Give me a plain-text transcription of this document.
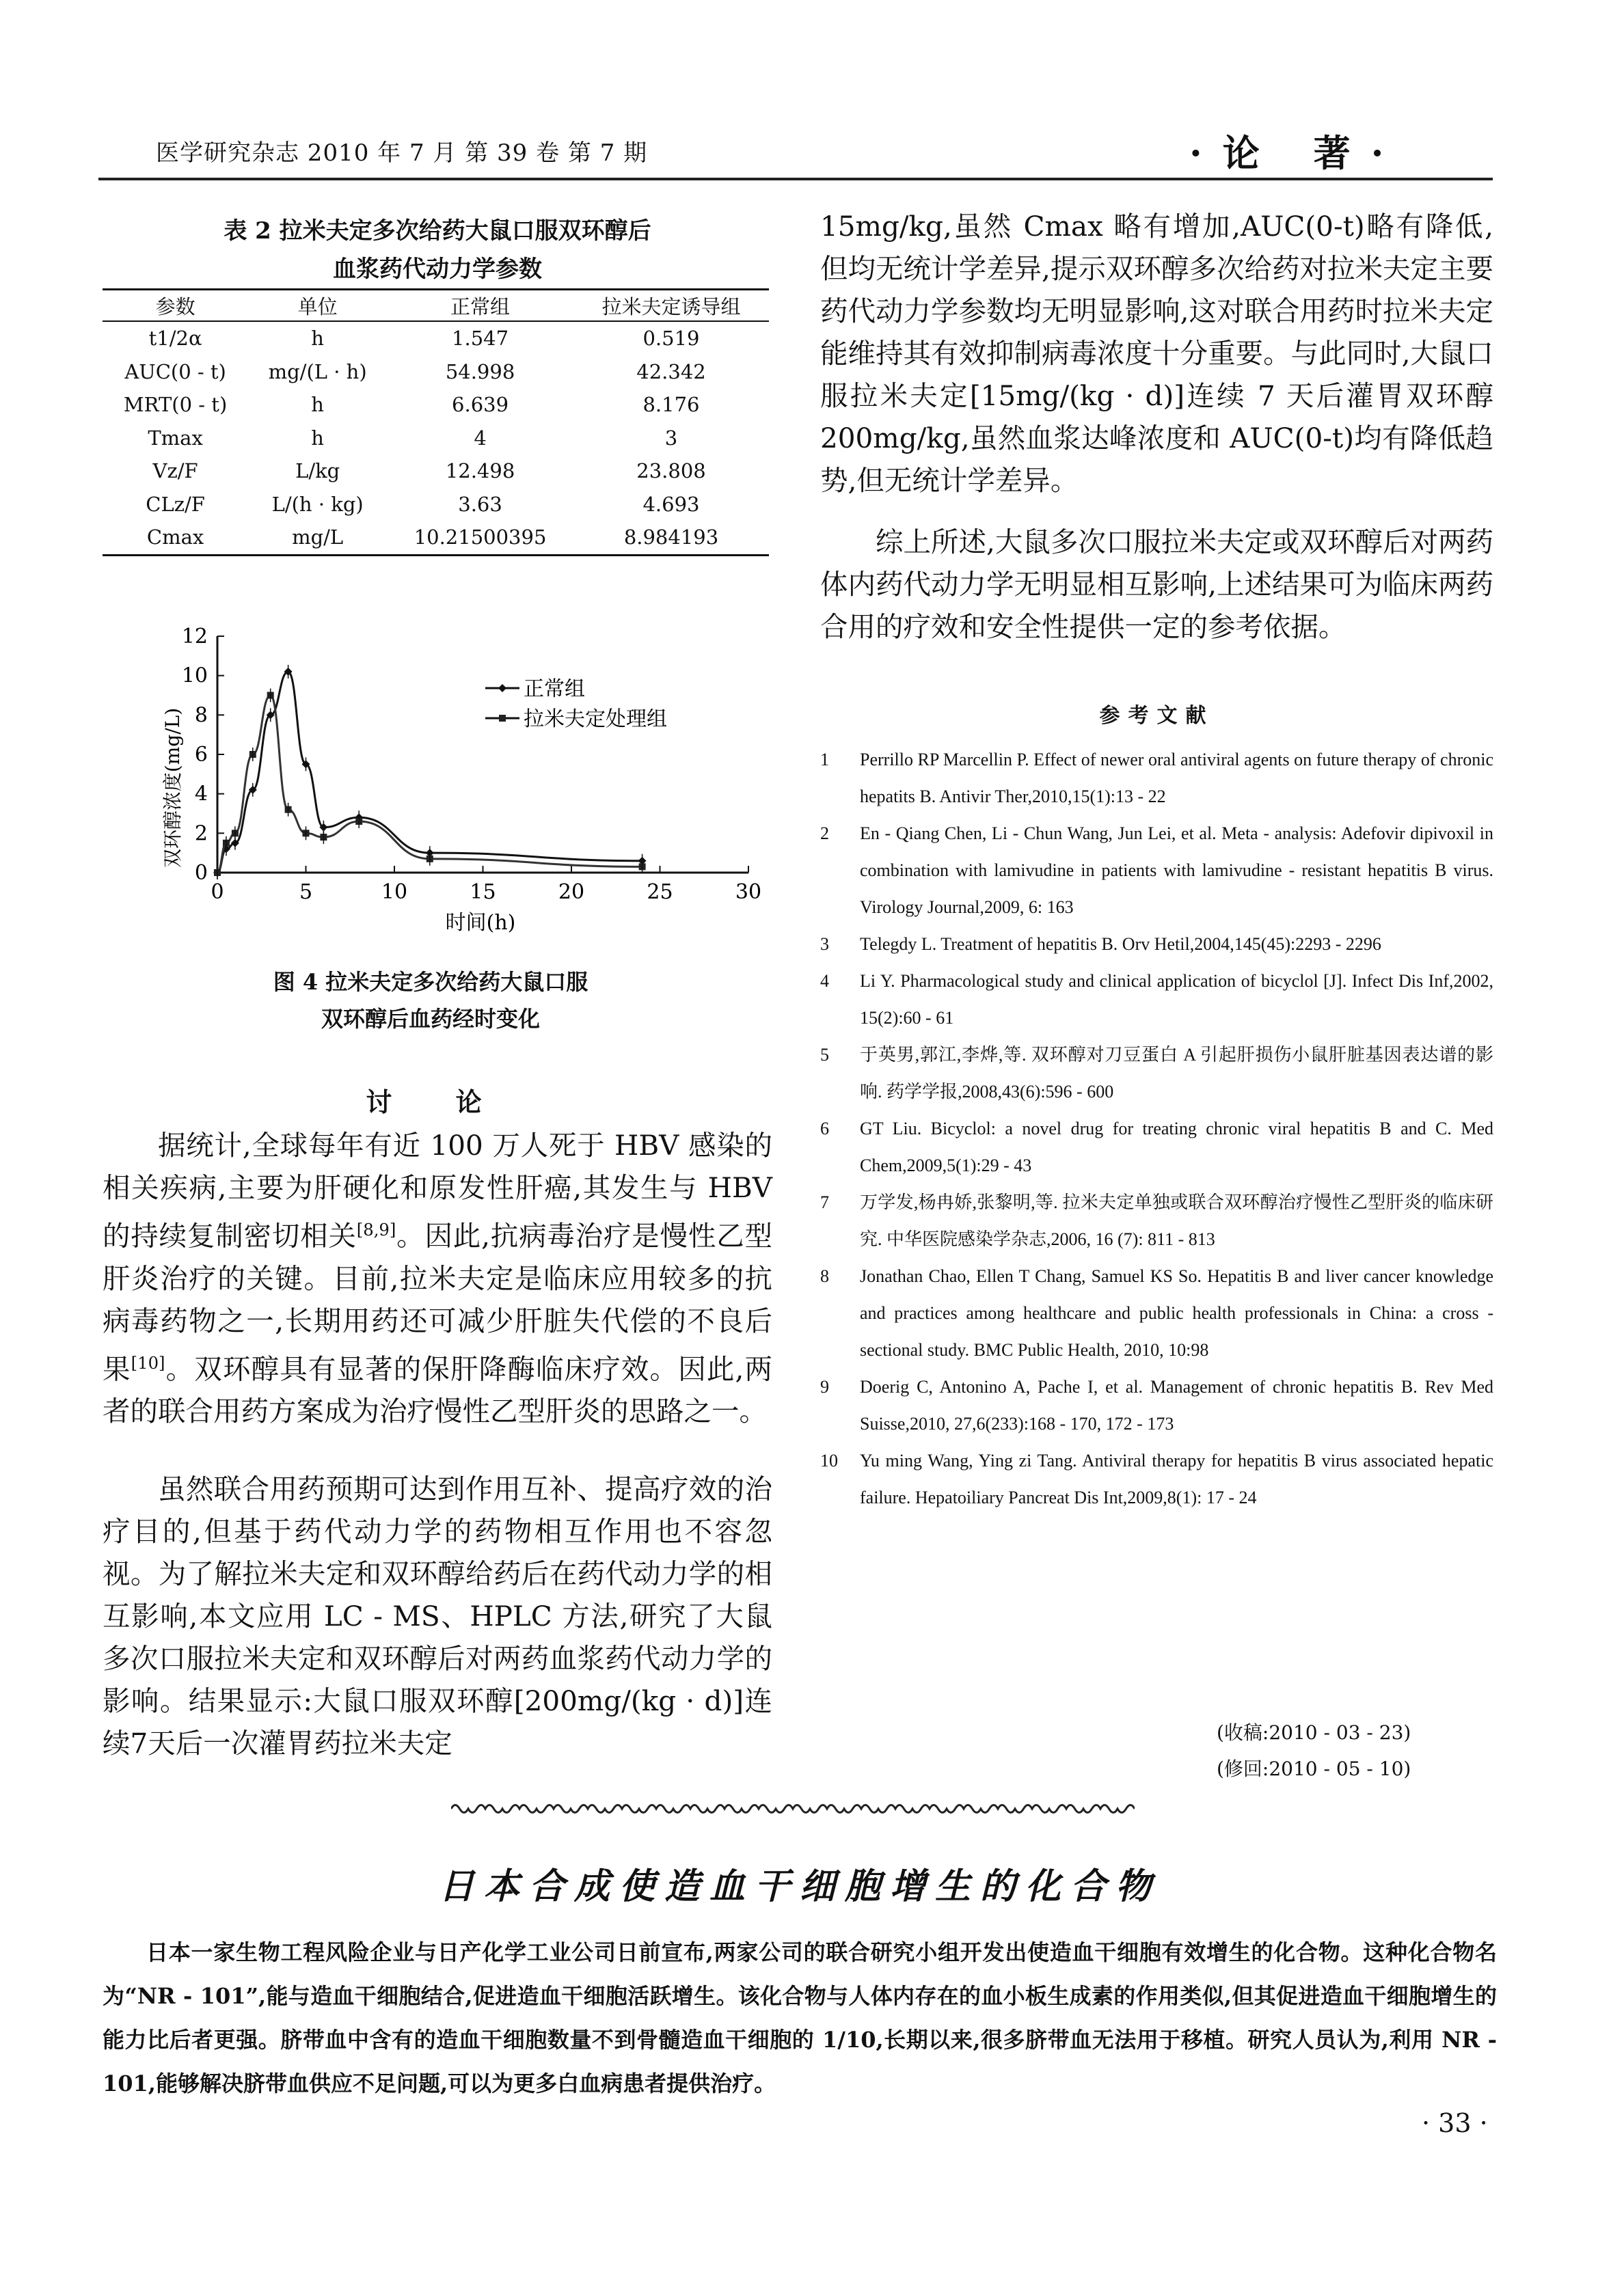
医学研究杂志 2010 年 7 月 第 39 卷 第 7 期	·论 著·
表 2 拉米夫定多次给药大鼠口服双环醇后
血浆药代动力学参数
参数	单位	正常组	拉米夫定诱导组
t1/2α	h	1.547	0.519
AUC(0 - t)	mg/(L · h)	54.998	42.342
MRT(0 - t)	h	6.639	8.176
Tmax	h	4	3
Vz/F	L/kg	12.498	23.808
CLz/F	L/(h · kg)	3.63	4.693
Cmax	mg/L	10.21500395	8.984193
0	5	10	15	20	25	30
0
2
4
6
8
10
12
正常组
拉米夫定处理组
双环醇浓度(mg/L)
时间(h)
图 4 拉米夫定多次给药大鼠口服
双环醇后血药经时变化
讨 论
据统计,全球每年有近 100 万人死于 HBV 感染的相关疾病,主要为肝硬化和原发性肝癌,其发生与 HBV 的持续复制密切相关[8,9]。因此,抗病毒治疗是慢性乙型肝炎治疗的关键。目前,拉米夫定是临床应用较多的抗病毒药物之一,长期用药还可减少肝脏失代偿的不良后果[10]。双环醇具有显著的保肝降酶临床疗效。因此,两者的联合用药方案成为治疗慢性乙型肝炎的思路之一。
虽然联合用药预期可达到作用互补、提高疗效的治疗目的,但基于药代动力学的药物相互作用也不容忽视。为了解拉米夫定和双环醇给药后在药代动力学的相互影响,本文应用 LC - MS、HPLC 方法,研究了大鼠多次口服拉米夫定和双环醇后对两药血浆药代动力学的影响。结果显示:大鼠口服双环醇[200mg/(kg · d)]连续7天后一次灌胃药拉米夫定
15mg/kg,虽然 Cmax 略有增加,AUC(0-t)略有降低,但均无统计学差异,提示双环醇多次给药对拉米夫定主要药代动力学参数均无明显影响,这对联合用药时拉米夫定能维持其有效抑制病毒浓度十分重要。与此同时,大鼠口服拉米夫定[15mg/(kg · d)]连续 7 天后灌胃双环醇 200mg/kg,虽然血浆达峰浓度和 AUC(0-t)均有降低趋势,但无统计学差异。
综上所述,大鼠多次口服拉米夫定或双环醇后对两药体内药代动力学无明显相互影响,上述结果可为临床两药合用的疗效和安全性提供一定的参考依据。
参考文献
1	Perrillo RP Marcellin P. Effect of newer oral antiviral agents on future therapy of chronic hepatits B. Antivir Ther,2010,15(1):13 - 22
2	En - Qiang Chen, Li - Chun Wang, Jun Lei, et al. Meta - analysis: Adefovir dipivoxil in combination with lamivudine in patients with lamivudine - resistant hepatitis B virus. Virology Journal,2009, 6: 163
3	Telegdy L. Treatment of hepatitis B. Orv Hetil,2004,145(45):2293 - 2296
4	Li Y. Pharmacological study and clinical application of bicyclol [J]. Infect Dis Inf,2002, 15(2):60 - 61
5	于英男,郭江,李烨,等. 双环醇对刀豆蛋白 A 引起肝损伤小鼠肝脏基因表达谱的影响. 药学学报,2008,43(6):596 - 600
6	GT Liu. Bicyclol: a novel drug for treating chronic viral hepatitis B and C. Med Chem,2009,5(1):29 - 43
7	万学发,杨冉娇,张黎明,等. 拉米夫定单独或联合双环醇治疗慢性乙型肝炎的临床研究. 中华医院感染学杂志,2006, 16 (7): 811 - 813
8	Jonathan Chao, Ellen T Chang, Samuel KS So. Hepatitis B and liver cancer knowledge and practices among healthcare and public health professionals in China: a cross - sectional study. BMC Public Health, 2010, 10:98
9	Doerig C, Antonino A, Pache I, et al. Management of chronic hepatitis B. Rev Med Suisse,2010, 27,6(233):168 - 170, 172 - 173
10	Yu ming Wang, Ying zi Tang. Antiviral therapy for hepatitis B virus associated hepatic failure. Hepatoiliary Pancreat Dis Int,2009,8(1): 17 - 24
(收稿:2010 - 03 - 23)
(修回:2010 - 05 - 10)
日本合成使造血干细胞增生的化合物
日本一家生物工程风险企业与日产化学工业公司日前宣布,两家公司的联合研究小组开发出使造血干细胞有效增生的化合物。这种化合物名为“NR - 101”,能与造血干细胞结合,促进造血干细胞活跃增生。该化合物与人体内存在的血小板生成素的作用类似,但其促进造血干细胞增生的能力比后者更强。脐带血中含有的造血干细胞数量不到骨髓造血干细胞的 1/10,长期以来,很多脐带血无法用于移植。研究人员认为,利用 NR - 101,能够解决脐带血供应不足问题,可以为更多白血病患者提供治疗。
· 33 ·
